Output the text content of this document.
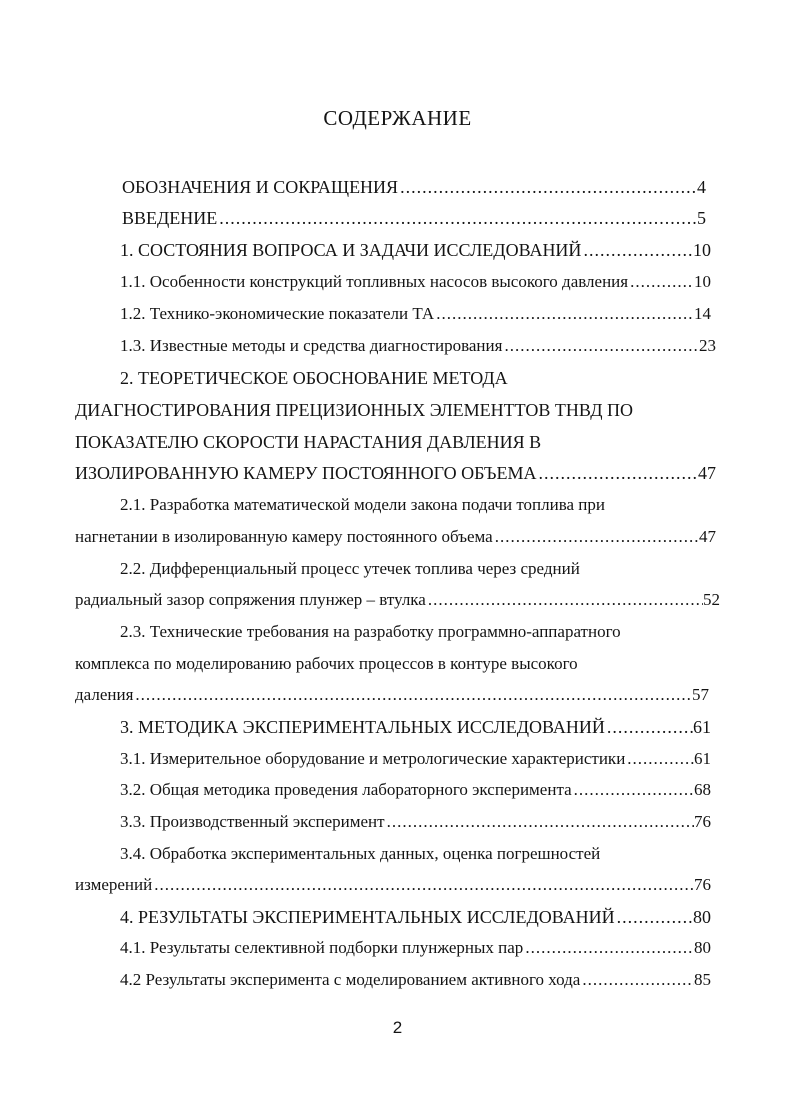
СОДЕРЖАНИЕ
ОБОЗНАЧЕНИЯ И СОКРАЩЕНИЯ .....	4
ВВЕДЕНИЕ .....	5
1. СОСТОЯНИЯ ВОПРОСА И ЗАДАЧИ ИССЛЕДОВАНИЙ .....	10
1.1. Особенности конструкций топливных насосов высокого давления .....	10
1.2. Технико-экономические показатели ТА .....	14
1.3. Известные методы и средства диагностирования .....	23
2. ТЕОРЕТИЧЕСКОЕ ОБОСНОВАНИЕ МЕТОДА
ДИАГНОСТИРОВАНИЯ ПРЕЦИЗИОННЫХ ЭЛЕМЕНТТОВ ТНВД ПО
ПОКАЗАТЕЛЮ СКОРОСТИ НАРАСТАНИЯ ДАВЛЕНИЯ В
ИЗОЛИРОВАННУЮ КАМЕРУ ПОСТОЯННОГО ОБЪЕМА .....	47
2.1. Разработка математической модели закона подачи топлива при
нагнетании в изолированную камеру постоянного объема .....	47
2.2. Дифференциальный процесс утечек топлива через средний
радиальный зазор сопряжения плунжер – втулка .....	52
2.3. Технические требования на разработку программно-аппаратного
комплекса по моделированию рабочих процессов в контуре высокого
даления .....	57
3. МЕТОДИКА ЭКСПЕРИМЕНТАЛЬНЫХ ИССЛЕДОВАНИЙ .....	61
3.1. Измерительное оборудование и метрологические характеристики .....	61
3.2. Общая методика проведения лабораторного эксперимента .....	68
3.3. Производственный эксперимент .....	76
3.4. Обработка экспериментальных данных, оценка погрешностей
измерений .....	76
4. РЕЗУЛЬТАТЫ ЭКСПЕРИМЕНТАЛЬНЫХ ИССЛЕДОВАНИЙ .....	80
4.1. Результаты селективной подборки плунжерных пар .....	80
4.2 Результаты эксперимента с моделированием активного хода .....	85
2
